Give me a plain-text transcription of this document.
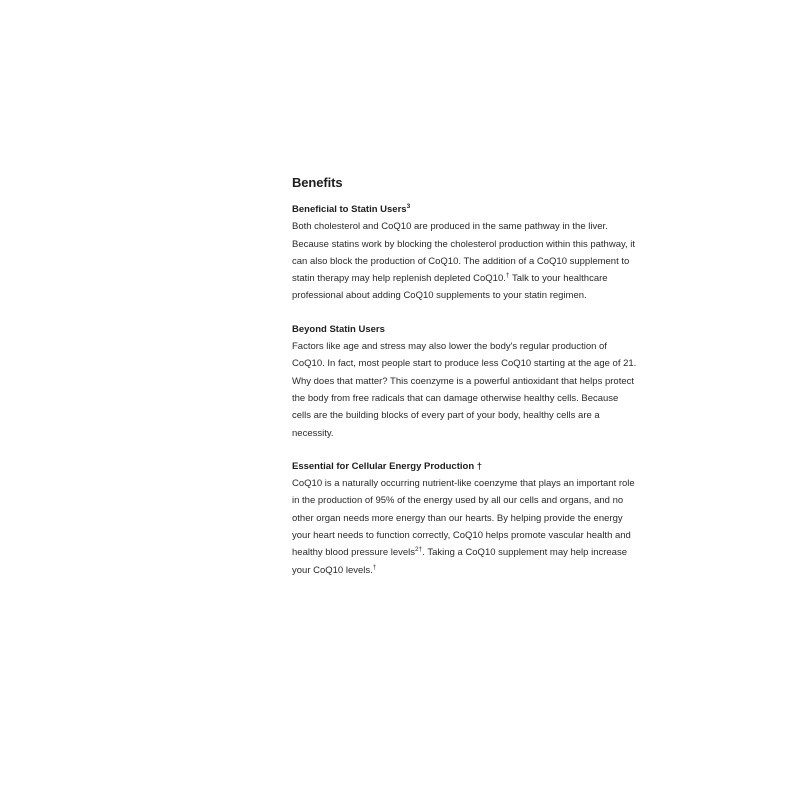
Benefits

Beneficial to Statin Users$^3$

Both cholesterol and CoQ10 are produced in the same pathway in the liver. Because statins work by blocking the cholesterol production within this pathway, it can also block the production of CoQ10. The addition of a CoQ10 supplement to statin therapy may help replenish depleted CoQ10.† Talk to your healthcare professional about adding CoQ10 supplements to your statin regimen.

Beyond Statin Users

Factors like age and stress may also lower the body's regular production of CoQ10. In fact, most people start to produce less CoQ10 starting at the age of 21. Why does that matter? This coenzyme is a powerful antioxidant that helps protect the body from free radicals that can damage otherwise healthy cells. Because cells are the building blocks of every part of your body, healthy cells are a necessity.

Essential for Cellular Energy Production †

CoQ10 is a naturally occurring nutrient-like coenzyme that plays an important role in the production of 95% of the energy used by all our cells and organs, and no other organ needs more energy than our hearts. By helping provide the energy your heart needs to function correctly, CoQ10 helps promote vascular health and healthy blood pressure levels$^{2\dagger}$. Taking a CoQ10 supplement may help increase your CoQ10 levels.†
